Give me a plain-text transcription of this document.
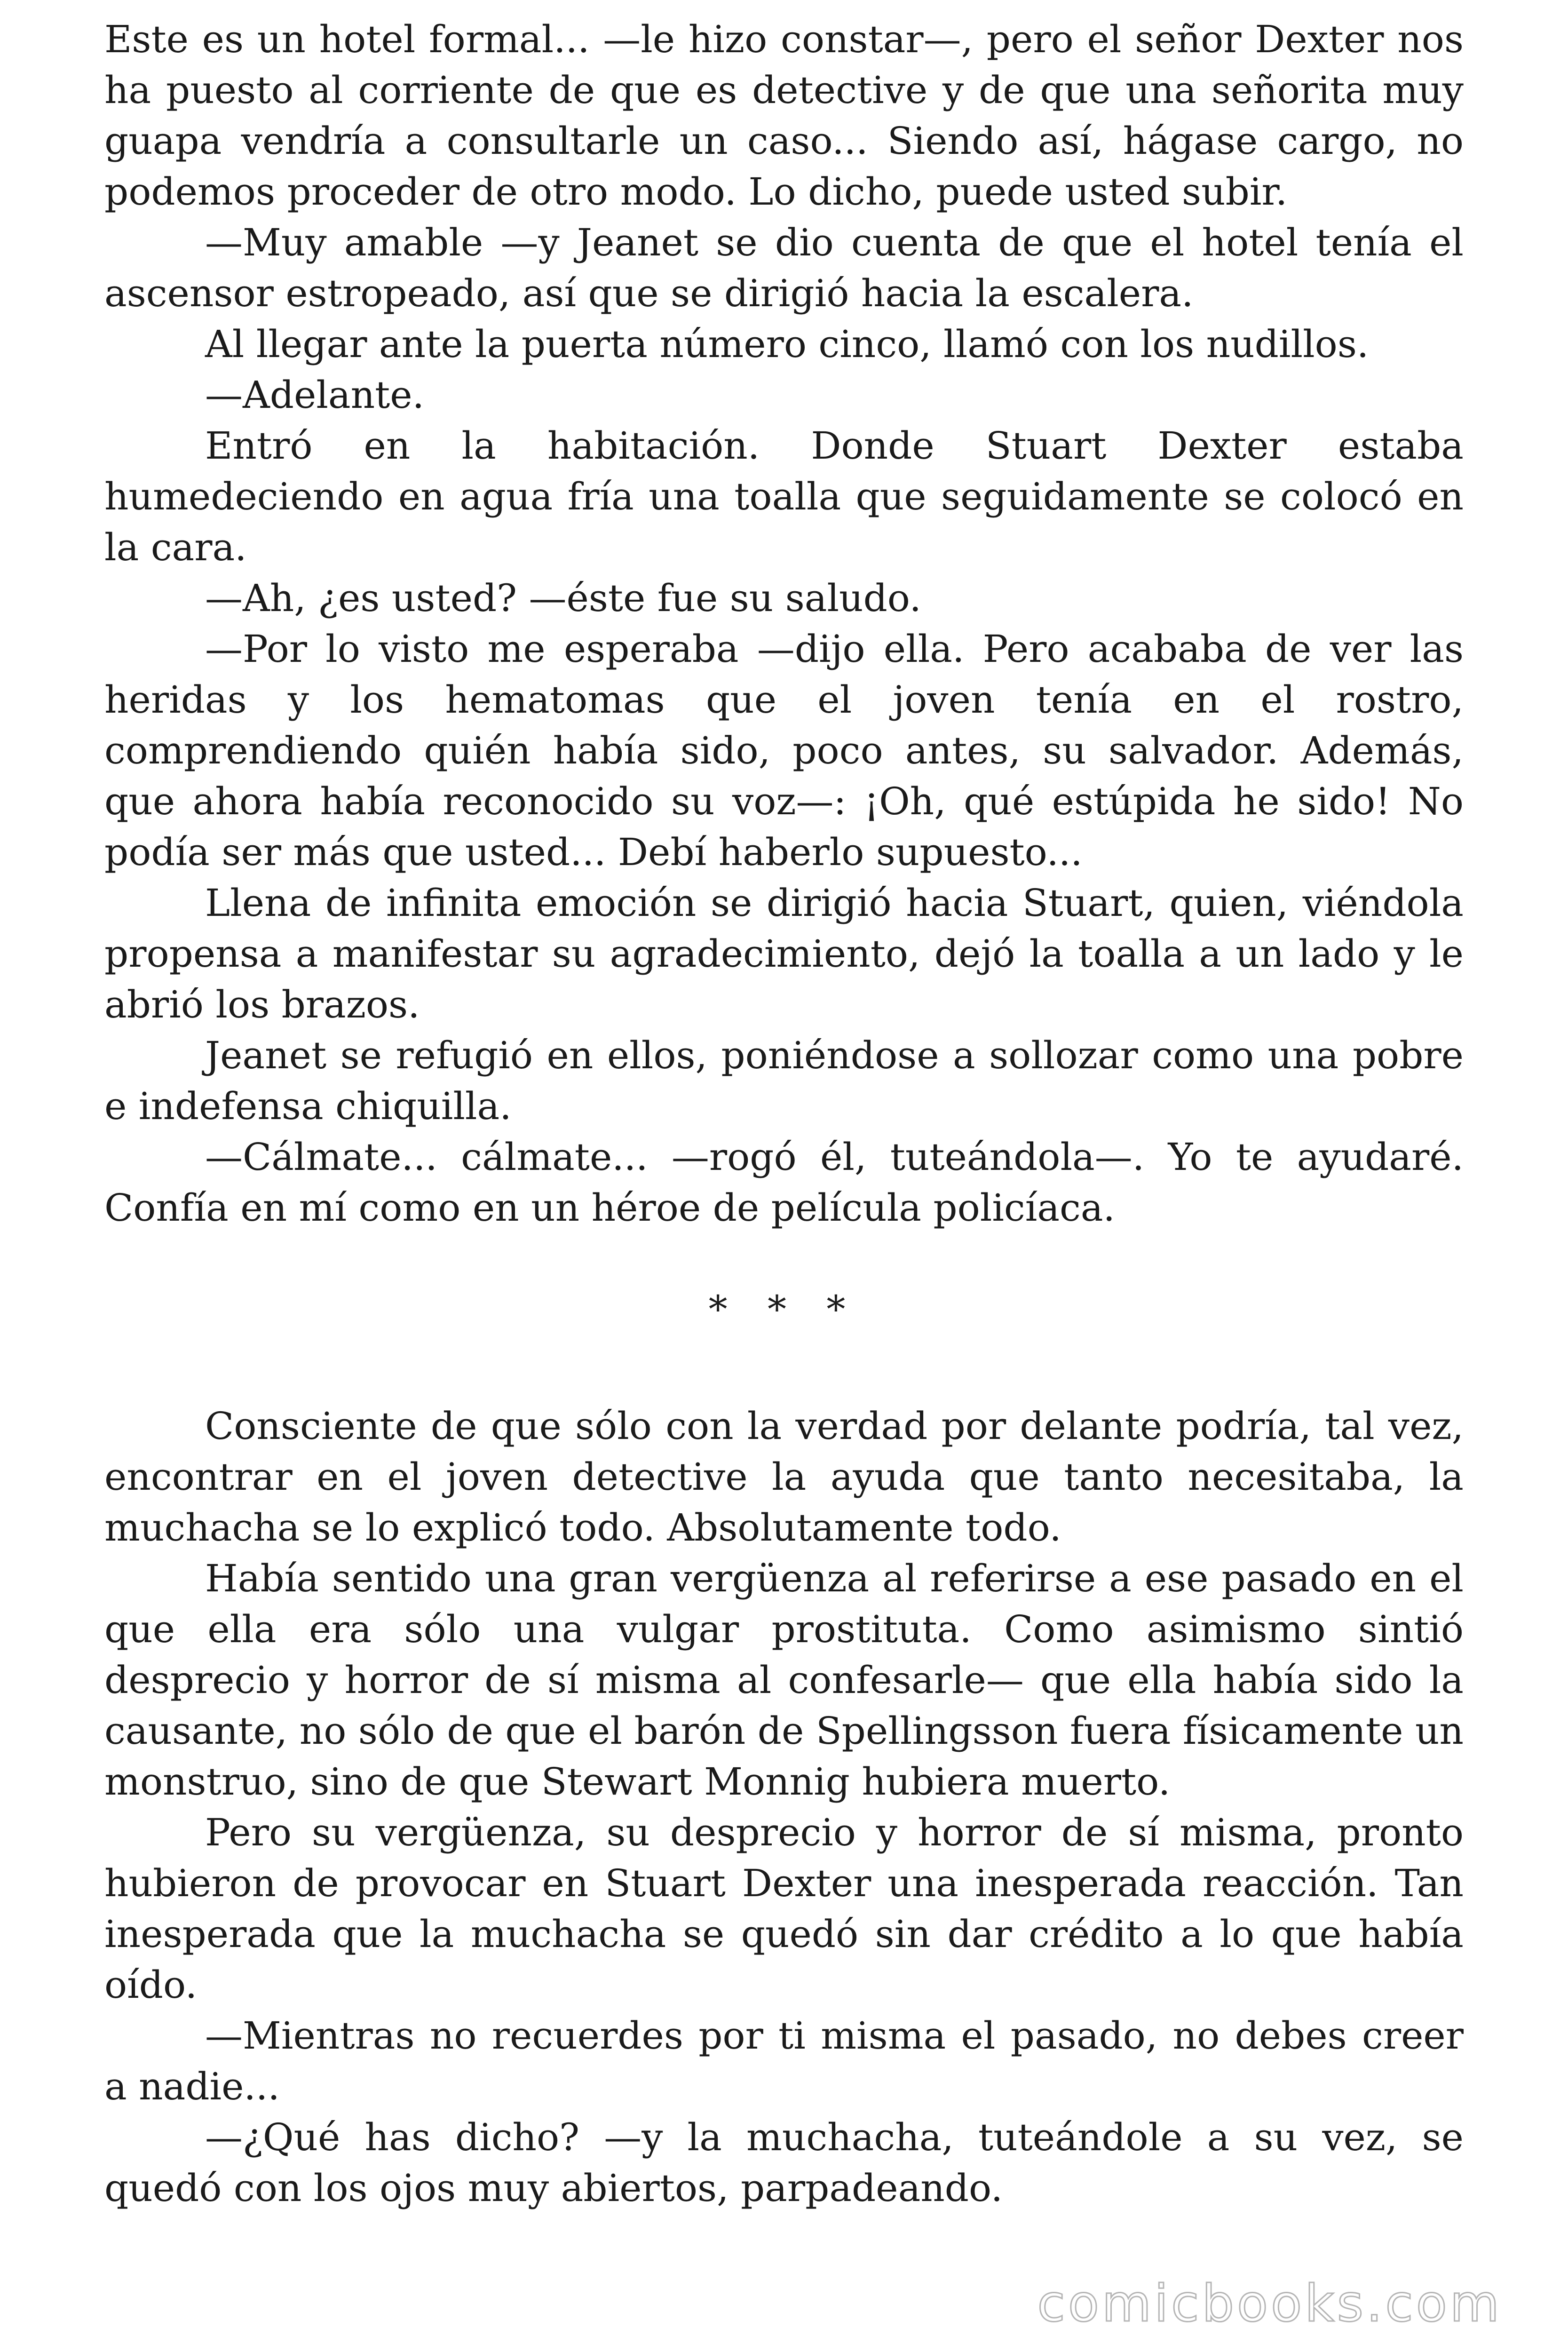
Este es un hotel formal... —le hizo constar—, pero el señor Dexter nos ha puesto al corriente de que es detective y de que una señorita muy guapa vendría a consultarle un caso... Siendo así, hágase cargo, no podemos proceder de otro modo. Lo dicho, puede usted subir.

—Muy amable —y Jeanet se dio cuenta de que el hotel tenía el ascensor estropeado, así que se dirigió hacia la escalera.

Al llegar ante la puerta número cinco, llamó con los nudillos.

—Adelante.

Entró en la habitación. Donde Stuart Dexter estaba humedeciendo en agua fría una toalla que seguidamente se colocó en la cara.

—Ah, ¿es usted? —éste fue su saludo.

—Por lo visto me esperaba —dijo ella. Pero acababa de ver las heridas y los hematomas que el joven tenía en el rostro, comprendiendo quién había sido, poco antes, su salvador. Además, que ahora había reconocido su voz—: ¡Oh, qué estúpida he sido! No podía ser más que usted... Debí haberlo supuesto...

Llena de infinita emoción se dirigió hacia Stuart, quien, viéndola propensa a manifestar su agradecimiento, dejó la toalla a un lado y le abrió los brazos.

Jeanet se refugió en ellos, poniéndose a sollozar como una pobre e indefensa chiquilla.

—Cálmate... cálmate... —rogó él, tuteándola—. Yo te ayudaré. Confía en mí como en un héroe de película policíaca.

* * *

Consciente de que sólo con la verdad por delante podría, tal vez, encontrar en el joven detective la ayuda que tanto necesitaba, la muchacha se lo explicó todo. Absolutamente todo.

Había sentido una gran vergüenza al referirse a ese pasado en el que ella era sólo una vulgar prostituta. Como asimismo sintió desprecio y horror de sí misma al confesarle— que ella había sido la causante, no sólo de que el barón de Spellingsson fuera físicamente un monstruo, sino de que Stewart Monnig hubiera muerto.

Pero su vergüenza, su desprecio y horror de sí misma, pronto hubieron de provocar en Stuart Dexter una inesperada reacción. Tan inesperada que la muchacha se quedó sin dar crédito a lo que había oído.

—Mientras no recuerdes por ti misma el pasado, no debes creer a nadie...

—¿Qué has dicho? —y la muchacha, tuteándole a su vez, se quedó con los ojos muy abiertos, parpadeando.

comicbooks.com
